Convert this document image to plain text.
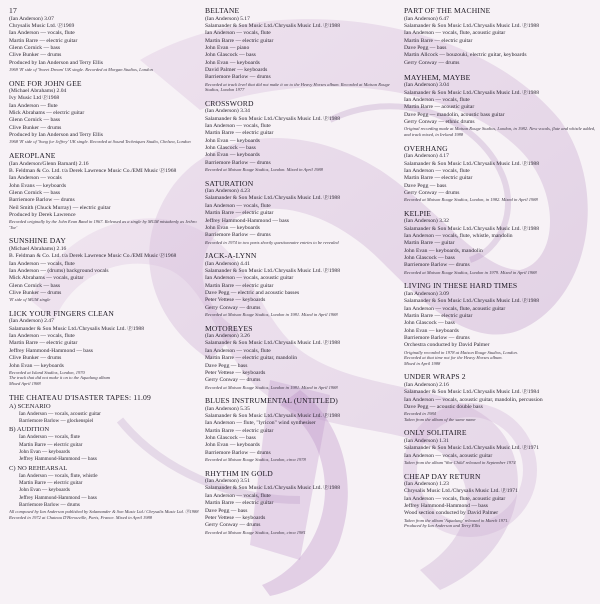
17
(Ian Anderson) 3.07
Chrysalis Music Ltd. ⓟ1969
Ian Anderson — vocals, flute
Martin Barre — electric guitar
Glenn Cornick — bass
Clive Bunker — drums
Produced by Ian Anderson and Terry Ellis
1969 'B' side of 'Sweet Dream' UK single. Recorded at Morgan Studios, London
ONE FOR JOHN GEE
(Michael Abrahams) 2.04
Ivy Music Ltd ⓟ1968
Ian Anderson — flute
Mick Abrahams — electric guitar
Glenn Cornick — bass
Clive Bunker — drums
Produced by Ian Anderson and Terry Ellis
1968 'B' side of 'Song for Jeffrey' UK single. Recorded at Sound Techniques Studio, Chelsea, London
AEROPLANE
(Ian Anderson/Glenn Barnard) 2.16
B. Feldman & Co. Ltd. t/a Derek Lawrence Music Co./EMI Music ⓟ1968
Ian Anderson — vocals
John Evans — keyboards
Glenn Cornick — bass
Barriemore Barlow — drums
Neil Smith (Chuck Murray) — electric guitar
Produced by Derek Lawrence
Recorded originally by the John Evan Band in 1967. Released as a single by MGM mistakenly as Jethro 'Toe'
SUNSHINE DAY
(Michael Abrahams) 2.16
B. Feldman & Co. Ltd. t/a Derek Lawrence Music Co./EMI Music ⓟ1968
Ian Anderson — vocals, flute
Ian Anderson — (drums) background vocals
Mick Abrahams — vocals, guitar
Glenn Cornick — bass
Clive Bunker — drums
'B' side of MGM single
LICK YOUR FINGERS CLEAN
(Ian Anderson) 2.47
Salamander & Son Music Ltd./Chrysalis Music Ltd. ⓟ1988
Ian Anderson — vocals, flute
Martin Barre — electric guitar
Jeffrey Hammond-Hammond — bass
Clive Bunker — drums
John Evan — keyboards
Recorded at Island Studios, London, 1970
The track that did not make it on to the Aqualung album
Mixed April 1988
THE CHATEAU D'ISASTER TAPES: 11.09
A) SCENARIO
Ian Anderson — vocals, acoustic guitar
Barriemore Barlow — glockenspiel
B) AUDITION
Ian Anderson — vocals, flute
Martin Barre — electric guitar
John Evan — keyboards
Jeffrey Hammond-Hammond — bass
C) NO REHEARSAL
Ian Anderson — vocals, flute, whistle
Martin Barre — electric guitar
John Evan — keyboards
Jeffrey Hammond-Hammond — bass
Barriemore Barlow — drums
All composed by Ian Anderson published by Salamander & Son Music Ltd./ Chrysalis Music Ltd. ⓟ1988
Recorded in 1972 at Chateau D'Herouville, Paris, France. Mixed in April 1988
BELTANE
(Ian Anderson) 5.17
Salamander & Son Music Ltd./Chrysalis Music Ltd. ⓟ1988
Ian Anderson — vocals, flute
Martin Barre — electric guitar
John Evan — piano
John Glascock — bass
John Evan — keyboards
David Palmer — keyboards
Barriemore Barlow — drums
Recorded at track level that did not make it on to the Heavy Horses album. Recorded at Maison Rouge Studios, London 1977
CROSSWORD
(Ian Anderson) 3.34
Salamander & Son Music Ltd./Chrysalis Music Ltd. ⓟ1988
Ian Anderson — vocals, flute
Martin Barre — electric guitar
John Evan — keyboards
John Glascock — bass
John Evan — keyboards
Barriemore Barlow — drums
Recorded at Maison Rouge Studios, London. Mixed in April 1988
SATURATION
(Ian Anderson) 4.23
Salamander & Son Music Ltd./Chrysalis Music Ltd. ⓟ1988
Ian Anderson — vocals, flute
Martin Barre — electric guitar
Jeffrey Hammond-Hammond — bass
John Evan — keyboards
Barriemore Barlow — drums
Recorded in 1974 in two parts shortly questionnaire entries to be revealed
JACK-A-LYNN
(Ian Anderson) 4.41
Salamander & Son Music Ltd./Chrysalis Music Ltd. ⓟ1988
Ian Anderson — vocals, acoustic guitar
Martin Barre — electric guitar
Dave Pegg — electric and acoustic basses
Peter Vettese — keyboards
Gerry Conway — drums
Recorded at Maison Rouge Studios, London in 1981. Mixed in April 1988
MOTOREYES
(Ian Anderson) 3.26
Salamander & Son Music Ltd./Chrysalis Music Ltd. ⓟ1988
Ian Anderson — vocals, flute
Martin Barre — electric guitar, mandolin
Dave Pegg — bass
Peter Vettese — keyboards
Gerry Conway — drums
Recorded at Maison Rouge Studios, London in 1981. Mixed in April 1988
BLUES INSTRUMENTAL (UNTITLED)
(Ian Anderson) 5.35
Salamander & Son Music Ltd./Chrysalis Music Ltd. ⓟ1988
Ian Anderson — flute, "lyricon" wind synthesiser
Martin Barre — electric guitar
John Glascock — bass
John Evan — keyboards
Barriemore Barlow — drums
Recorded at Maison Rouge Studios, London, circa 1978
RHYTHM IN GOLD
(Ian Anderson) 3.51
Salamander & Son Music Ltd./Chrysalis Music Ltd. ⓟ1988
Ian Anderson — vocals, flute
Martin Barre — electric guitar
Dave Pegg — bass
Peter Vettese — keyboards
Gerry Conway — drums
Recorded at Maison Rouge Studios, London, circa 1981
PART OF THE MACHINE
(Ian Anderson) 6.47
Salamander & Son Music Ltd./Chrysalis Music Ltd. ⓟ1988
Ian Anderson — vocals, flute, acoustic guitar
Martin Barre — electric guitar
Dave Pegg — bass
Martin Allcock — bouzouki, electric guitar, keyboards
Gerry Conway — drums
MAYHEM, MAYBE
(Ian Anderson) 3.04
Salamander & Son Music Ltd./Chrysalis Music Ltd. ⓟ1988
Ian Anderson — vocals, flute
Martin Barre — acoustic guitar
Dave Pegg — mandolin, acoustic bass guitar
Gerry Conway — ethnic drums
Original recording made at Maison Rouge Studios, London, in 1982. New vocals, flute and whistle added, and track mixed, in Ireland 1988
OVERHANG
(Ian Anderson) 4.17
Salamander & Son Music Ltd./Chrysalis Music Ltd. ⓟ1988
Ian Anderson — vocals, flute
Martin Barre — electric guitar
Dave Pegg — bass
Gerry Conway — drums
Recorded at Maison Rouge Studios, London, in 1982. Mixed in April 1988
KELPIE
(Ian Anderson) 3.32
Salamander & Son Music Ltd./Chrysalis Music Ltd. ⓟ1988
Ian Anderson — vocals, flute, whistle, mandolin
Martin Barre — guitar
John Evan — keyboards, mandolin
John Glascock — bass
Barriemore Barlow — drums
Recorded at Maison Rouge Studios, London in 1979. Mixed in April 1988
LIVING IN THESE HARD TIMES
(Ian Anderson) 3.09
Salamander & Son Music Ltd./Chrysalis Music Ltd. ⓟ1988
Ian Anderson — vocals, flute, acoustic guitar
Martin Barre — electric guitar
John Glascock — bass
John Evan — keyboards
Barriemore Barlow — drums
Orchestra conducted by David Palmer
Originally recorded in 1978 at Maison Rouge Studios, London.
Recorded at that time not for the Heavy Horses album.
Mixed in April 1988
UNDER WRAPS 2
(Ian Anderson) 2.16
Salamander & Son Music Ltd./Chrysalis Music Ltd. ⓟ1984
Ian Anderson — vocals, acoustic guitar, mandolin, percussion
Dave Pegg — acoustic double bass
Recorded in 1984
Taken from the album of the same name
ONLY SOLITAIRE
(Ian Anderson) 1.31
Salamander & Son Music Ltd./Chrysalis Music Ltd. ⓟ1971
Ian Anderson — vocals, acoustic guitar
Taken from the album 'War Child' released in September 1974
CHEAP DAY RETURN
(Ian Anderson) 1.23
Chrysalis Music Ltd./Chrysalis Music Ltd. ⓟ1971
Ian Anderson — vocals, flute, acoustic guitar
Jeffrey Hammond-Hammond — bass
Wood section conducted by David Palmer
Taken from the album 'Aqualung' released in March 1971.
Produced by Ian Anderson and Terry Ellis
